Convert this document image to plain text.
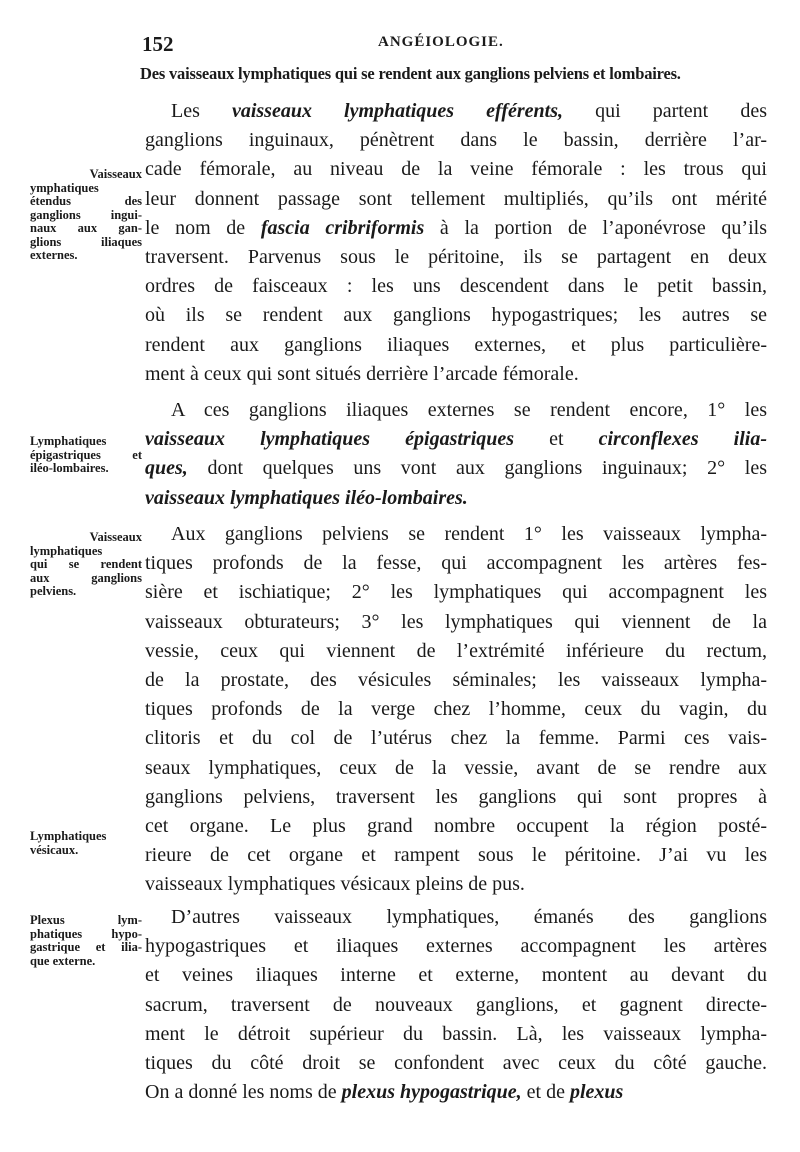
152	ANGÉIOLOGIE.
Des vaisseaux lymphatiques qui se rendent aux ganglions pelviens et lombaires.
Les vaisseaux lymphatiques efférents, qui partent des
ganglions inguinaux, pénètrent dans le bassin, derrière l’ar-
cade fémorale, au niveau de la veine fémorale : les trous qui
leur donnent passage sont tellement multipliés, qu’ils ont mérité
le nom de fascia cribriformis à la portion de l’aponévrose qu’ils
traversent. Parvenus sous le péritoine, ils se partagent en deux
ordres de faisceaux : les uns descendent dans le petit bassin,
où ils se rendent aux ganglions hypogastriques; les autres se
rendent aux ganglions iliaques externes, et plus particulière-
ment à ceux qui sont situés derrière l’arcade fémorale.
A ces ganglions iliaques externes se rendent encore, 1° les
vaisseaux lymphatiques épigastriques et circonflexes ilia-
ques, dont quelques uns vont aux ganglions inguinaux; 2° les
vaisseaux lymphatiques iléo-lombaires.
Aux ganglions pelviens se rendent 1° les vaisseaux lympha-
tiques profonds de la fesse, qui accompagnent les artères fes-
sière et ischiatique; 2° les lymphatiques qui accompagnent les
vaisseaux obturateurs; 3° les lymphatiques qui viennent de la
vessie, ceux qui viennent de l’extrémité inférieure du rectum,
de la prostate, des vésicules séminales; les vaisseaux lympha-
tiques profonds de la verge chez l’homme, ceux du vagin, du
clitoris et du col de l’utérus chez la femme. Parmi ces vais-
seaux lymphatiques, ceux de la vessie, avant de se rendre aux
ganglions pelviens, traversent les ganglions qui sont propres à
cet organe. Le plus grand nombre occupent la région posté-
rieure de cet organe et rampent sous le péritoine. J’ai vu les
vaisseaux lymphatiques vésicaux pleins de pus.
D’autres vaisseaux lymphatiques, émanés des ganglions
hypogastriques et iliaques externes accompagnent les artères
et veines iliaques interne et externe, montent au devant du
sacrum, traversent de nouveaux ganglions, et gagnent directe-
ment le détroit supérieur du bassin. Là, les vaisseaux lympha-
tiques du côté droit se confondent avec ceux du côté gauche.
On a donné les noms de plexus hypogastrique, et de plexus
Vaisseaux
ymphatiques
étendus des
ganglions ingui-
naux aux gan-
glions iliaques
externes.
Lymphatiques
épigastriques et
iléo-lombaires.
Vaisseaux
lymphatiques
qui se rendent
aux ganglions
pelviens.
Lymphatiques
vésicaux.
Plexus lym-
phatiques hypo-
gastrique et ilia-
que externe.
